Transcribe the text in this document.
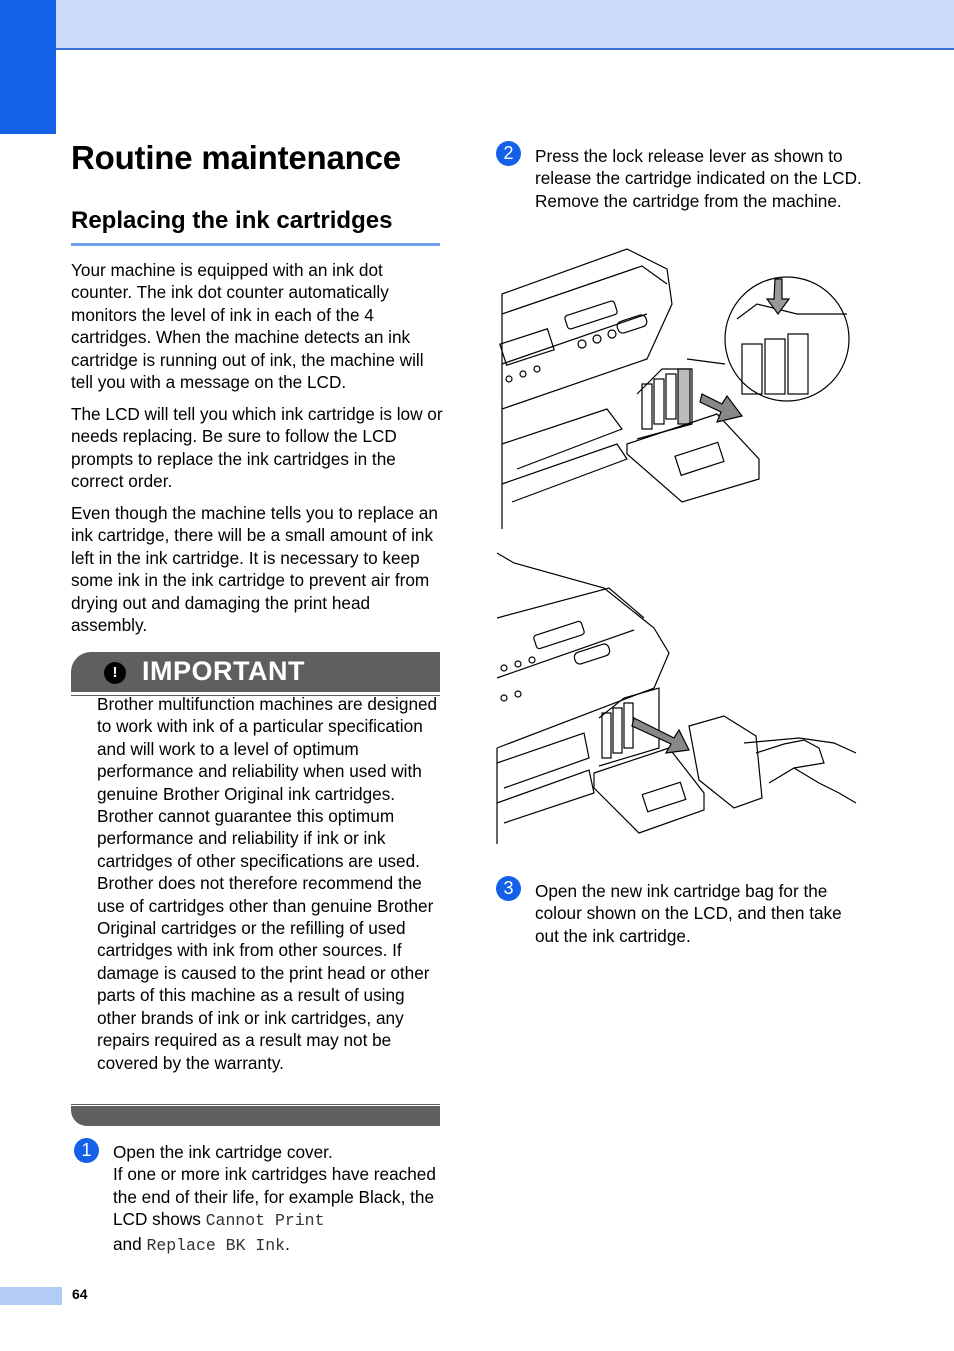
Routine maintenance
Replacing the ink cartridges

Your machine is equipped with an ink dot counter. The ink dot counter automatically monitors the level of ink in each of the 4 cartridges. When the machine detects an ink cartridge is running out of ink, the machine will tell you with a message on the LCD.

The LCD will tell you which ink cartridge is low or needs replacing. Be sure to follow the LCD prompts to replace the ink cartridges in the correct order.

Even though the machine tells you to replace an ink cartridge, there will be a small amount of ink left in the ink cartridge. It is necessary to keep some ink in the ink cartridge to prevent air from drying out and damaging the print head assembly.

! IMPORTANT

Brother multifunction machines are designed to work with ink of a particular specification and will work to a level of optimum performance and reliability when used with genuine Brother Original ink cartridges. Brother cannot guarantee this optimum performance and reliability if ink or ink cartridges of other specifications are used. Brother does not therefore recommend the use of cartridges other than genuine Brother Original cartridges or the refilling of used cartridges with ink from other sources. If damage is caused to the print head or other parts of this machine as a result of using other brands of ink or ink cartridges, any repairs required as a result may not be covered by the warranty.

1	Open the ink cartridge cover.
If one or more ink cartridges have reached the end of their life, for example Black, the LCD shows Cannot Print
and Replace BK Ink.

2	Press the lock release lever as shown to release the cartridge indicated on the LCD. Remove the cartridge from the machine.

3	Open the new ink cartridge bag for the colour shown on the LCD, and then take out the ink cartridge.

64
